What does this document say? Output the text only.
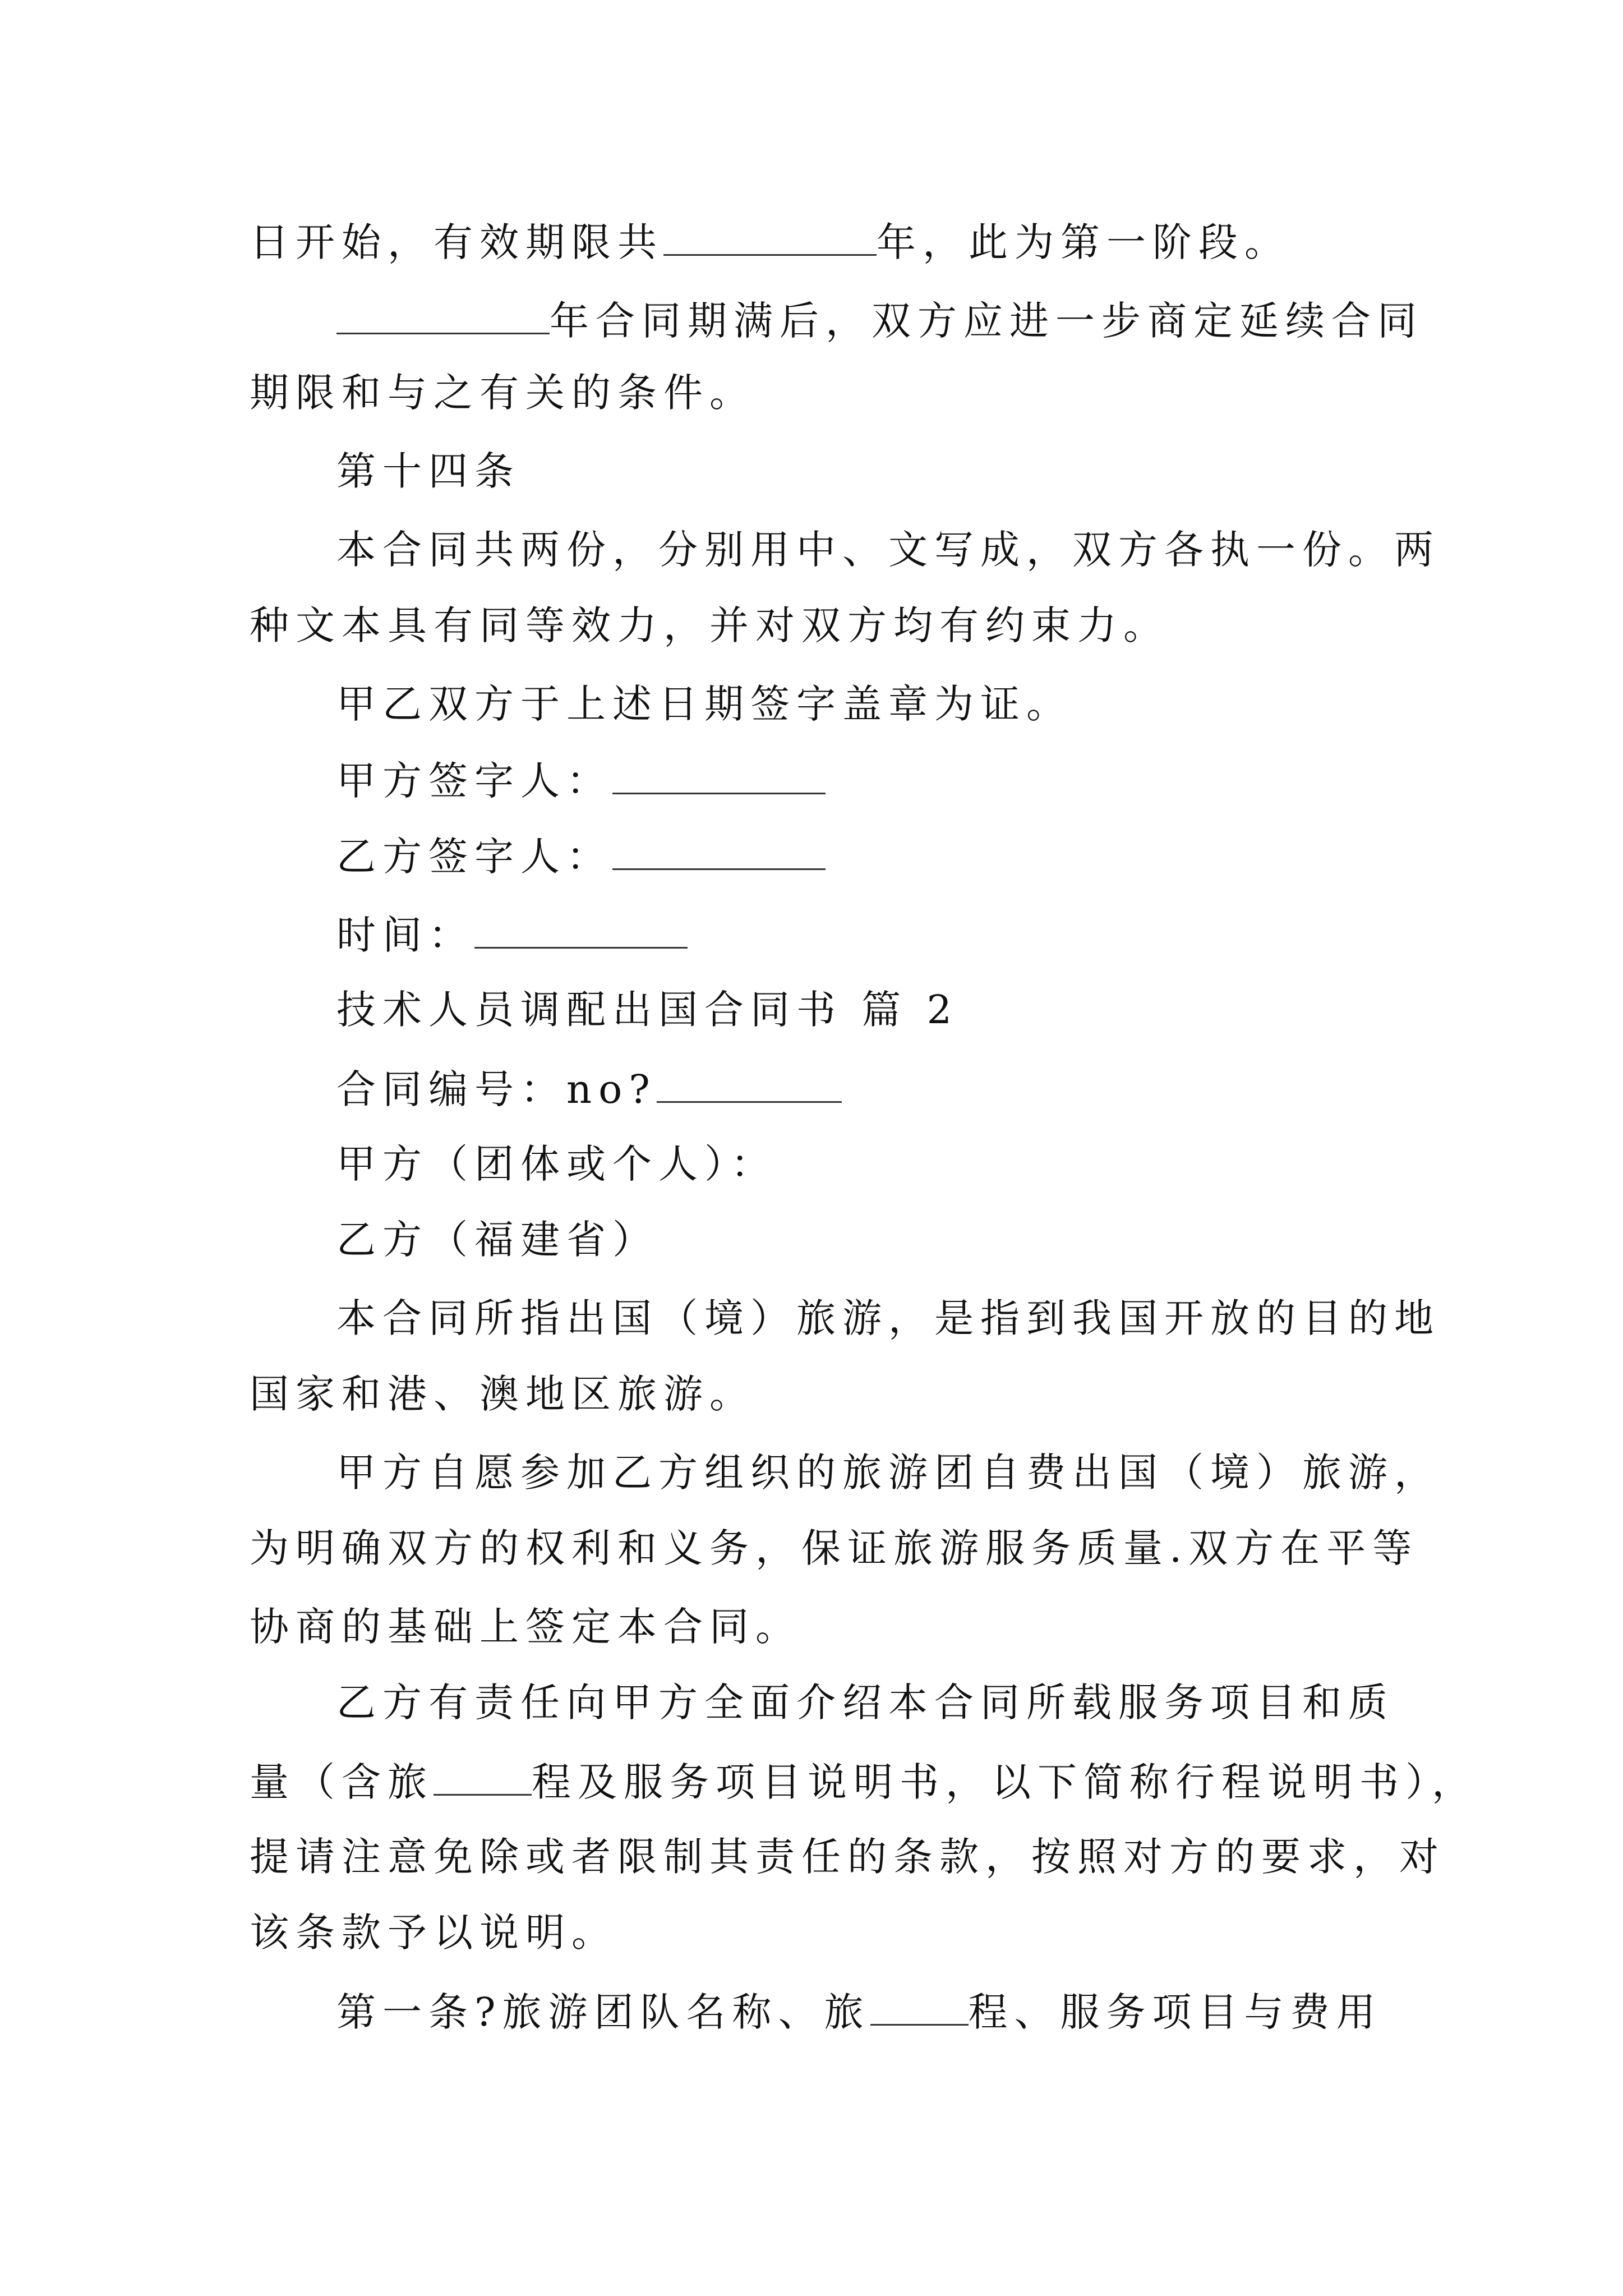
日开始，有效期限共	年，此为第一阶段。
年合同期满后，双方应进一步商定延续合同
期限和与之有关的条件。
第十四条
本合同共两份，分别用中、文写成，双方各执一份。两
种文本具有同等效力，并对双方均有约束力。
甲乙双方于上述日期签字盖章为证。
甲方签字人：
乙方签字人：
时间：
技术人员调配出国合同书 篇 2
合同编号：no?
甲方（团体或个人）：
乙方（福建省）
本合同所指出国（境）旅游，是指到我国开放的目的地
国家和港、澳地区旅游。
甲方自愿参加乙方组织的旅游团自费出国（境）旅游，
为明确双方的权利和义务，保证旅游服务质量.双方在平等
协商的基础上签定本合同。
乙方有责任向甲方全面介绍本合同所载服务项目和质
量（含旅	程及服务项目说明书，以下简称行程说明书），
提请注意免除或者限制其责任的条款，按照对方的要求，对
该条款予以说明。
第一条?旅游团队名称、旅	程、服务项目与费用
